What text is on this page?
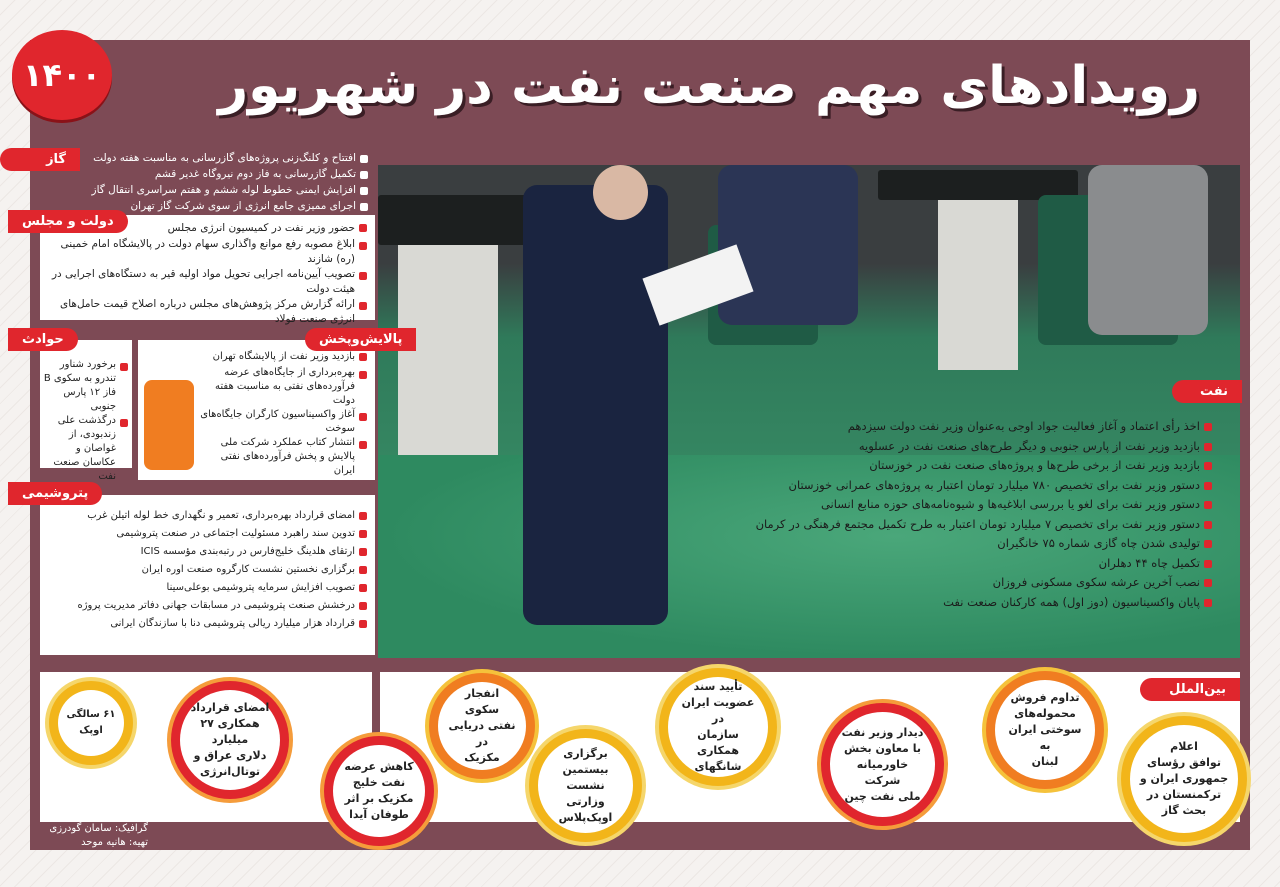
رویدادهای مهم صنعت نفت در شهریور
۱۴۰۰
گاز	افتتاح و کلنگ‌زنی پروژه‌های گازرسانی به مناسبت هفته دولت
تکمیل گازرسانی به فاز دوم نیروگاه غدیر قشم
افزایش ایمنی خطوط لوله ششم و هفتم سراسری انتقال گاز
اجرای ممیزی جامع انرژی از سوی شرکت گاز تهران
حضور وزیر نفت در کمیسیون انرژی مجلس
ابلاغ مصوبه رفع موانع واگذاری سهام دولت در پالایشگاه امام خمینی (ره) شازند
تصویب آیین‌نامه اجرایی تحویل مواد اولیه قیر به دستگاه‌های اجرایی در هیئت دولت
ارائه گزارش مرکز پژوهش‌های مجلس درباره اصلاح قیمت حامل‌های انرژی صنعت فولاد
دولت و مجلس
برخورد شناور تندرو به سکوی B فاز ۱۲ پارس جنوبی
درگذشت علی زندبودی، از غواصان و عکاسان صنعت نفت
حوادث
بازدید وزیر نفت از پالایشگاه تهران
بهره‌برداری از جایگاه‌های عرضه فرآورده‌های نفتی به مناسبت هفته دولت
آغاز واکسیناسیون کارگران جایگاه‌های سوخت
انتشار کتاب عملکرد شرکت ملی پالایش و پخش فرآورده‌های نفتی ایران
پالایش‌وپخش
امضای قرارداد بهره‌برداری، تعمیر و نگهداری خط لوله اتیلن غرب
تدوین سند راهبرد مسئولیت اجتماعی در صنعت پتروشیمی
ارتقای هلدینگ خلیج‌فارس در رتبه‌بندی مؤسسه ICIS
برگزاری نخستین نشست کارگروه صنعت اوره ایران
تصویب افزایش سرمایه پتروشیمی بوعلی‌سینا
درخشش صنعت پتروشیمی در مسابقات جهانی دفاتر مدیریت پروژه
قرارداد هزار میلیارد ریالی پتروشیمی دنا با سازندگان ایرانی
پتروشیمی
نفت
اخذ رأی اعتماد و آغاز فعالیت جواد اوجی به‌عنوان وزیر نفت دولت سیزدهم
بازدید وزیر نفت از پارس جنوبی و دیگر طرح‌های صنعت نفت در عسلویه
بازدید وزیر نفت از برخی طرح‌ها و پروژه‌های صنعت نفت در خوزستان
دستور وزیر نفت برای تخصیص ۷۸۰ میلیارد تومان اعتبار به پروژه‌های عمرانی خوزستان
دستور وزیر نفت برای لغو یا بررسی ابلاغیه‌ها و شیوه‌نامه‌های حوزه منابع انسانی
دستور وزیر نفت برای تخصیص ۷ میلیارد تومان اعتبار به طرح تکمیل مجتمع فرهنگی در کرمان
تولیدی شدن چاه گازی شماره ۷۵ خانگیران
تکمیل چاه ۴۴ دهلران
نصب آخرین عرشه سکوی مسکونی فروزان
پایان واکسیناسیون (دوز اول) همه کارکنان صنعت نفت
بین‌الملل
اعلام
توافق رؤسای
جمهوری ایران و
ترکمنستان در
بحث گاز
تداوم فروش
محموله‌های
سوختی ایران به
لبنان
دیدار وزیر نفت
با معاون بخش
خاورمیانه شرکت
ملی نفت چین
تأیید سند
عضویت ایران در
سازمان همکاری
شانگهای
برگزاری
بیستمین نشست
وزارتی اوپک‌پلاس
انفجار سکوی
نفتی دریایی در
مکزیک
کاهش عرضه
نفت خلیج
مکزیک بر اثر
طوفان آیدا
امضای قرارداد
همکاری ۲۷ میلیارد
دلاری عراق و
توتال‌انرژی
۶۱ سالگی
اوپک
گرافیک: سامان گودرزی
تهیه: هانیه موحد
